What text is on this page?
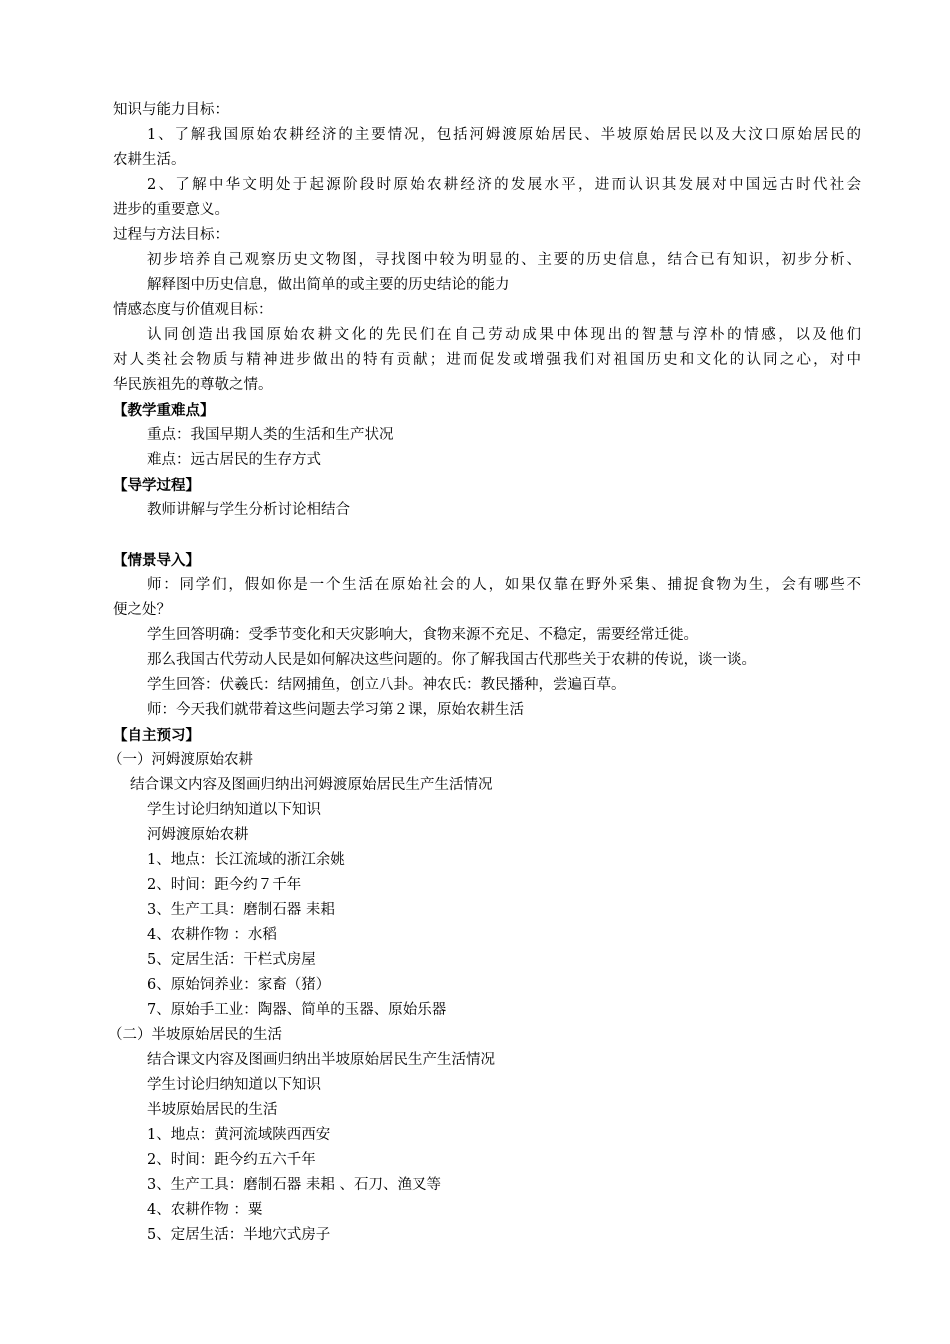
知识与能力目标：
1、了解我国原始农耕经济的主要情况，包括河姆渡原始居民、半坡原始居民以及大汶口原始居民的
农耕生活。
2、了解中华文明处于起源阶段时原始农耕经济的发展水平，进而认识其发展对中国远古时代社会
进步的重要意义。
过程与方法目标：
初步培养自己观察历史文物图，寻找图中较为明显的、主要的历史信息，结合已有知识，初步分析、
解释图中历史信息，做出简单的或主要的历史结论的能力
情感态度与价值观目标：
认同创造出我国原始农耕文化的先民们在自己劳动成果中体现出的智慧与淳朴的情感，以及他们
对人类社会物质与精神进步做出的特有贡献；进而促发或增强我们对祖国历史和文化的认同之心，对中
华民族祖先的尊敬之情。
【教学重难点】
重点：我国早期人类的生活和生产状况
难点：远古居民的生存方式
【导学过程】
教师讲解与学生分析讨论相结合
【情景导入】
师：同学们，假如你是一个生活在原始社会的人，如果仅靠在野外采集、捕捉食物为生，会有哪些不
便之处？
学生回答明确：受季节变化和天灾影响大，食物来源不充足、不稳定，需要经常迁徙。
那么我国古代劳动人民是如何解决这些问题的。你了解我国古代那些关于农耕的传说，谈一谈。
学生回答：伏羲氏：结网捕鱼，创立八卦。神农氏：教民播种，尝遍百草。
师：今天我们就带着这些问题去学习第２课，原始农耕生活
【自主预习】
（一）河姆渡原始农耕
结合课文内容及图画归纳出河姆渡原始居民生产生活情况
学生讨论归纳知道以下知识
河姆渡原始农耕
1、地点：长江流域的浙江余姚
2、时间：距今约７千年
3、生产工具：磨制石器 耒耜
4、农耕作物 ：水稻
5、定居生活：干栏式房屋
6、原始饲养业：家畜（猪）
7、原始手工业：陶器、简单的玉器、原始乐器
（二）半坡原始居民的生活
结合课文内容及图画归纳出半坡原始居民生产生活情况
学生讨论归纳知道以下知识
半坡原始居民的生活
1、地点：黄河流域陕西西安
2、时间：距今约五六千年
3、生产工具：磨制石器 耒耜 、石刀、渔叉等
4、农耕作物 ：粟
5、定居生活：半地穴式房子
